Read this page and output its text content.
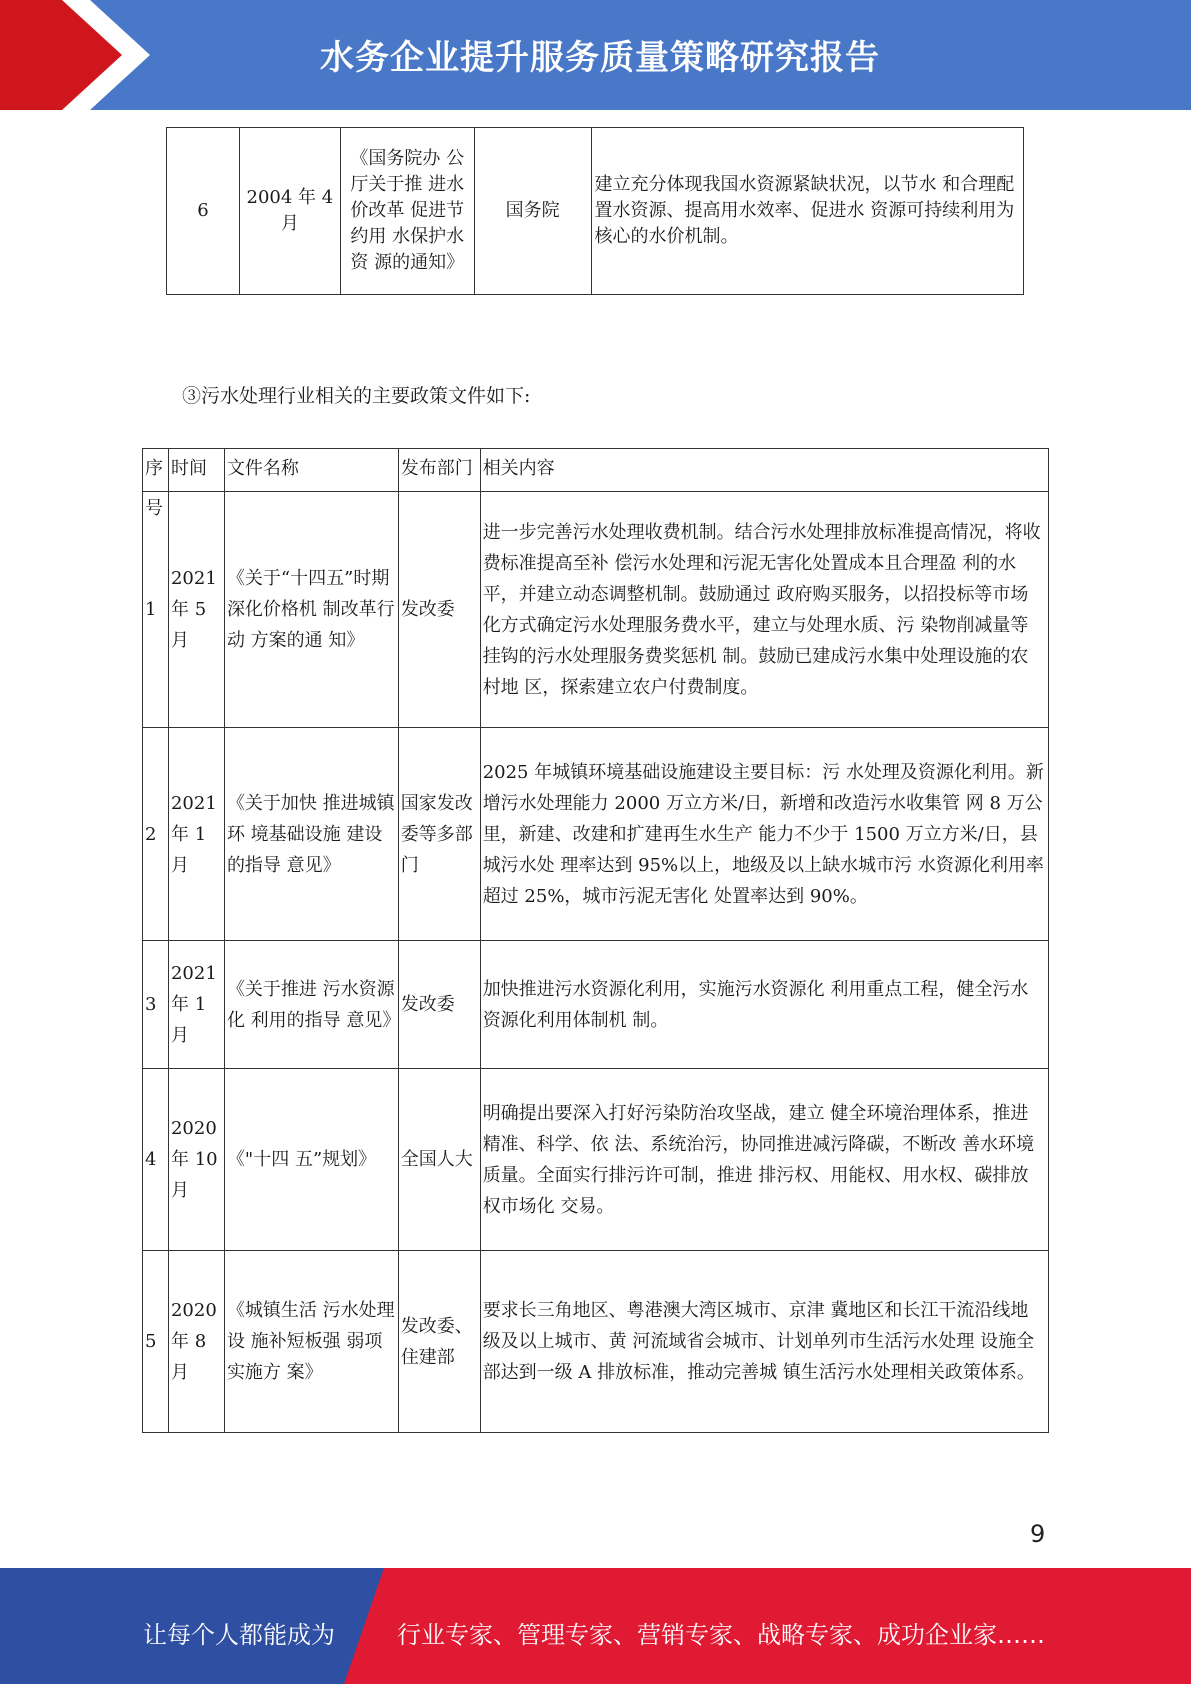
水务企业提升服务质量策略研究报告
6	2004 年 4 月	《国务院办 公厅关于推 进水价改革 促进节约用 水保护水资 源的通知》	国务院	建立充分体现我国水资源紧缺状况，以节水 和合理配置水资源、提高用水效率、促进水 资源可持续利用为核心的水价机制。
③污水处理行业相关的主要政策文件如下:
序号	时间	文件名称	发布部门	相关内容

1	2021 年 5 月	《关于“十四五”时期 深化价格机 制改革行动 方案的通 知》	发改委	进一步完善污水处理收费机制。结合污水处理排放标准提高情况，将收费标准提高至补 偿污水处理和污泥无害化处置成本且合理盈 利的水平，并建立动态调整机制。鼓励通过 政府购买服务，以招投标等市场化方式确定污水处理服务费水平，建立与处理水质、污 染物削减量等挂钩的污水处理服务费奖惩机 制。鼓励已建成污水集中处理设施的农村地 区，探索建立农户付费制度。
2	2021 年 1 月	《关于加快 推进城镇环 境基础设施 建设的指导 意见》	国家发改 委等多部 门	2025 年城镇环境基础设施建设主要目标：污 水处理及资源化利用。新增污水处理能力 2000 万立方米/日，新增和改造污水收集管 网 8 万公里，新建、改建和扩建再生水生产 能力不少于 1500 万立方米/日，县城污水处 理率达到 95%以上，地级及以上缺水城市污 水资源化利用率超过 25%，城市污泥无害化 处置率达到 90%。
3	2021 年 1 月	《关于推进 污水资源化 利用的指导 意见》	发改委	加快推进污水资源化利用，实施污水资源化 利用重点工程，健全污水资源化利用体制机 制。
4	2020 年 10 月	《"十四 五”规划》	全国人大	明确提出要深入打好污染防治攻坚战，建立 健全环境治理体系，推进精准、科学、依 法、系统治污，协同推进减污降碳，不断改 善水环境质量。全面实行排污许可制，推进 排污权、用能权、用水权、碳排放权市场化 交易。
5	2020 年 8 月	《城镇生活 污水处理设 施补短板强 弱项实施方 案》	发改委、 住建部	要求长三角地区、粤港澳大湾区城市、京津 冀地区和长江干流沿线地级及以上城市、黄 河流域省会城市、计划单列市生活污水处理 设施全部达到一级 A 排放标准，推动完善城 镇生活污水处理相关政策体系。
9
让每个人都能成为	行业专家、管理专家、营销专家、战略专家、成功企业家……
